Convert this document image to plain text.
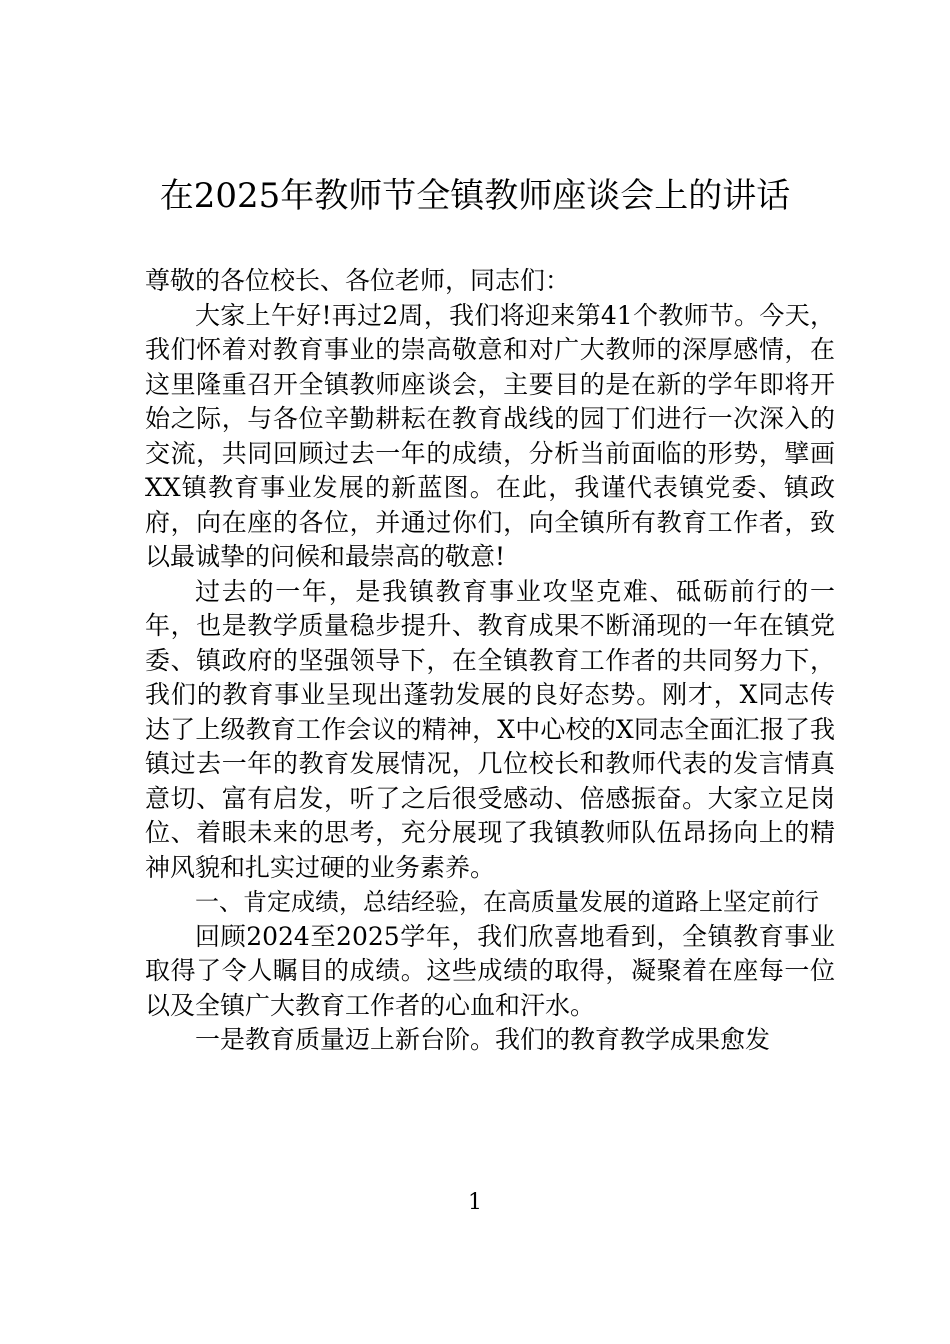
在2025年教师节全镇教师座谈会上的讲话

尊敬的各位校长、各位老师，同志们：

大家上午好!再过2周，我们将迎来第41个教师节。今天，我们怀着对教育事业的崇高敬意和对广大教师的深厚感情，在这里隆重召开全镇教师座谈会，主要目的是在新的学年即将开始之际，与各位辛勤耕耘在教育战线的园丁们进行一次深入的交流，共同回顾过去一年的成绩，分析当前面临的形势，擘画XX镇教育事业发展的新蓝图。在此，我谨代表镇党委、镇政府，向在座的各位，并通过你们，向全镇所有教育工作者，致以最诚挚的问候和最崇高的敬意!

过去的一年，是我镇教育事业攻坚克难、砥砺前行的一年，也是教学质量稳步提升、教育成果不断涌现的一年在镇党委、镇政府的坚强领导下，在全镇教育工作者的共同努力下，我们的教育事业呈现出蓬勃发展的良好态势。刚才，X同志传达了上级教育工作会议的精神，X中心校的X同志全面汇报了我镇过去一年的教育发展情况，几位校长和教师代表的发言情真意切、富有启发，听了之后很受感动、倍感振奋。大家立足岗位、着眼未来的思考，充分展现了我镇教师队伍昂扬向上的精神风貌和扎实过硬的业务素养。

一、肯定成绩，总结经验，在高质量发展的道路上坚定前行

回顾2024至2025学年，我们欣喜地看到，全镇教育事业取得了令人瞩目的成绩。这些成绩的取得，凝聚着在座每一位以及全镇广大教育工作者的心血和汗水。

一是教育质量迈上新台阶。我们的教育教学成果愈发

1
